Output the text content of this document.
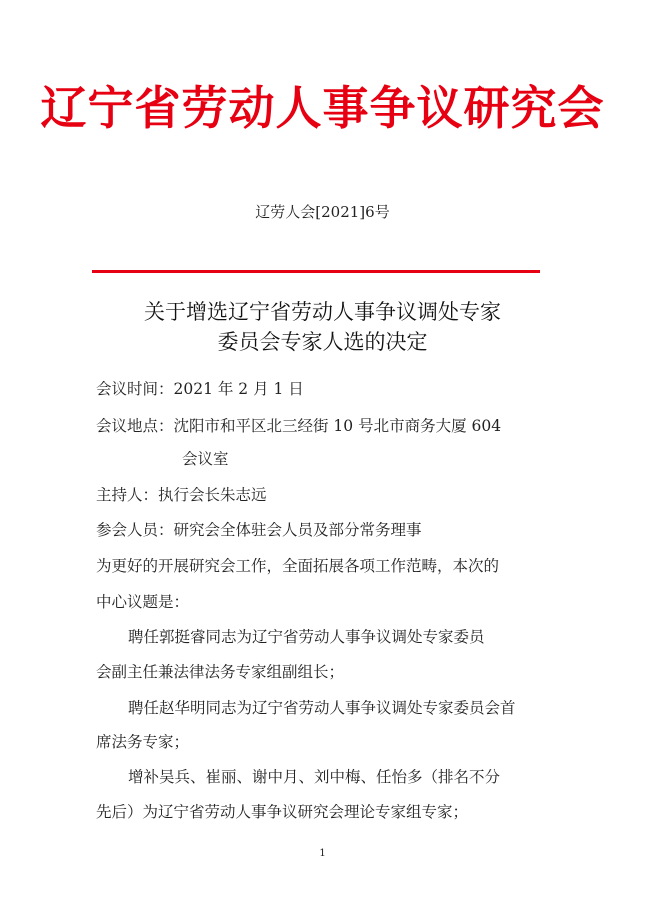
辽宁省劳动人事争议研究会
辽劳人会[2021]6号
关于增选辽宁省劳动人事争议调处专家
委员会专家人选的决定
会议时间：2021 年 2 月 1 日
会议地点：沈阳市和平区北三经街 10 号北市商务大厦 604
会议室
主持人：执行会长朱志远
参会人员：研究会全体驻会人员及部分常务理事
为更好的开展研究会工作，全面拓展各项工作范畴，本次的
中心议题是：
聘任郭挺睿同志为辽宁省劳动人事争议调处专家委员
会副主任兼法律法务专家组副组长；
聘任赵华明同志为辽宁省劳动人事争议调处专家委员会首
席法务专家；
增补吴兵、崔丽、谢中月、刘中梅、任怡多（排名不分
先后）为辽宁省劳动人事争议研究会理论专家组专家；
1
